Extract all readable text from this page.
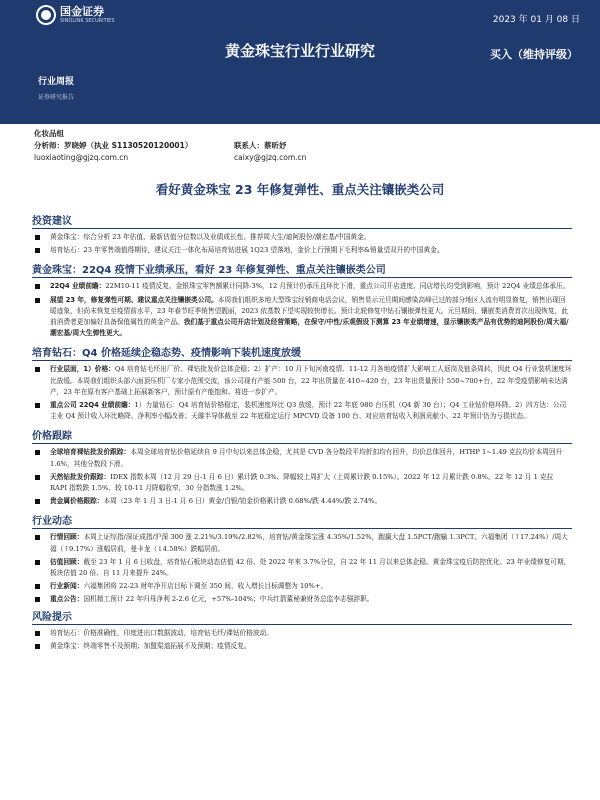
国金证券
SINOLINK SECURITIES	2023 年 01 月 08 日
黄金珠宝行业行业研究	买入（维持评级）
行业周报
证券研究报告
化妆品组
分析师：罗晓婷（执业 S1130520120001）	联系人：蔡昕妤
luoxiaoting@gjzq.com.cn	caixy@gjzq.com.cn
看好黄金珠宝 23 年修复弹性、重点关注镶嵌类公司
投资建议
黄金珠宝：综合分析 23 年估值、最新估值分位数以及业绩成长性、推荐周大生/迪阿股份/潮宏基/中国黄金。
培育钻石：23 年零售端值得期待，建议关注一体化布局培育钻进展 1Q23 望落地，金价上行预期下毛利率&销量望双升的中国黄金。
黄金珠宝：22Q4 疫情下业绩承压，看好 23 年修复弹性、重点关注镶嵌类公司
22Q4 业绩前瞻：22M10-11 疫情反复、金银珠宝零售额累计同降-3%，12 月预计仍承压且环比下滑，重点公司开店进度、同店增长均受到影响，预计 22Q4 业绩总体承压。
展望 23 年，修复弹性可期、建议重点关注镶嵌类公司。本周我们组织多地大型珠宝经销商电话会议，销售显示元旦期间感染高峰已过的部分地区人流有明显修复，销售出现回暖迹象，但尚未恢复至疫情前水平，23 年春节旺季销售望靓丽，2023 依基数下望实现较快增长。预计北轮修复中钻石镶嵌弹性更大。元旦期间，镶嵌类消费首次出现恢复，此前消费者更加偏好具备保值属性的黄金产品。我们基于重点公司开店计划及经营策略，在保守/中性/乐观假设下测算 23 年业绩增速，显示镶嵌类产品有优势的迪阿股份/周大福/潮宏基/周大生弹性更大。
培育钻石：Q4 价格延续企稳态势、疫情影响下装机速度放缓
行业层面，1）价格：Q4 培育钻毛坯出厂价、裸钻批发价总体企稳；2）扩产：10 月下旬河南疫情、11-12 月各地疫情扩大影响工人返岗及链条周转，因此 Q4 行业装机速度环比放缓。本周我们组织头部六面顶压机厂专家小范围交流，该公司现有产能 500 台，22 年出货量在 410~420 台，23 年出货量预计 550~700+台，22 年受疫情影响未达满产，23 年在原有客户基础上拓展新客户，预计原有产能饱和、将进一步扩产。
重点公司 22Q4 业绩前瞻：1）力量钻石：Q4 培育钻价格稳定，装机速度环比 Q3 放缓，预计 22 年底 980 台压机（Q4 新 30 台）；Q4 工业钻价格环降。2）四方达：公司主业 Q4 预计收入环比略降、净利率小幅改善；天璇半导体截至 22 年底稳定运行 MPCVD 设备 100 台、对应培育钻收入利润贡献小、22 年预计仍为亏损状态。
价格跟踪
全球培育裸钻批发价跟踪：本周全球培育钻价格延续自 9 月中旬以来总体企稳，尤其是 CVD 各分数段平均折扣均有回升，均价总体回升，HTHP 1~1.49 克拉均价本周回升 1.6%，其他分数段下滑。
天然钻批发价跟踪：IDEX 指数本周（12 月 29 日-1 月 6 日）累计跌 0.3%、降幅较上周扩大（上周累计跌 0.15%）。2022 年 12 月累计跌 0.8%。22 年 12 月 1 克拉 RAPI 指数跌 1.5%、较 10-11 月降幅收窄，30 分指数涨 1.2%。
贵金属价格跟踪：本周（23 年 1 月 3 日-1 月 6 日）黄金/白银/铂金价格累计跌 0.68%/跌 4.44%/跌 2.74%。
行业动态
行情回顾：本周上证综指/深证成指/沪深 300 涨 2.21%/3.19%/2.82%，培育钻/黄金珠宝涨 4.35%/1.52%，跑赢大盘 1.5PCT/跑输 1.3PCT。六福集团（↑17.24%）/周大福（↑9.17%）涨幅居前，曼卡龙（↓4.58%）跌幅居前。
估值回顾：截至 23 年 1 月 6 日收盘，培育钻石板块动态估值 42 倍、处 2022 年来 3.7%分位，自 22 年 11 月以来总体企稳。黄金珠宝疫后防控优化、23 年业绩修复可期，板块估值 20 倍、自 11 月来提升 24%。
行业新闻：六福集团将 22-23 财年净开店目标下调至 350 间，收入增长目标调整为 10%+。
重点公告：国机精工预计 22 年归母净利 2-2.6 亿元，+57%-104%；中兵红箭董秘兼财务总监李志强辞职。
风险提示
培育钻石：价格准确性，印度进出口数据波动，培育钻毛坯/裸钻价格波动。
黄金珠宝：终端零售不及预期；加盟渠道拓展不及预期；疫情反复。
